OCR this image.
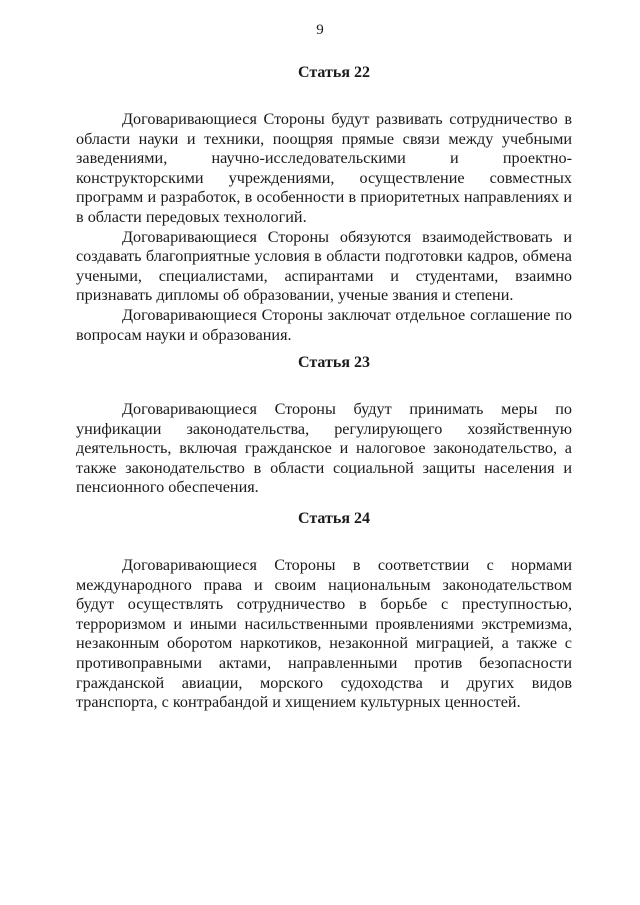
9
Статья 22

Договаривающиеся Стороны будут развивать сотрудничество в области науки и техники, поощряя прямые связи между учебными заведениями, научно-исследовательскими и проектно-конструкторскими учреждениями, осуществление совместных программ и разработок, в особенности в приоритетных направлениях и в области передовых технологий.

Договаривающиеся Стороны обязуются взаимодействовать и создавать благоприятные условия в области подготовки кадров, обмена учеными, специалистами, аспирантами и студентами, взаимно признавать дипломы об образовании, ученые звания и степени.

Договаривающиеся Стороны заключат отдельное соглашение по вопросам науки и образования.

Статья 23

Договаривающиеся Стороны будут принимать меры по унификации законодательства, регулирующего хозяйственную деятельность, включая гражданское и налоговое законодательство, а также законодательство в области социальной защиты населения и пенсионного обеспечения.

Статья 24

Договаривающиеся Стороны в соответствии с нормами международного права и своим национальным законодательством будут осуществлять сотрудничество в борьбе с преступностью, терроризмом и иными насильственными проявлениями экстремизма, незаконным оборотом наркотиков, незаконной миграцией, а также с противоправными актами, направленными против безопасности гражданской авиации, морского судоходства и других видов транспорта, с контрабандой и хищением культурных ценностей.
